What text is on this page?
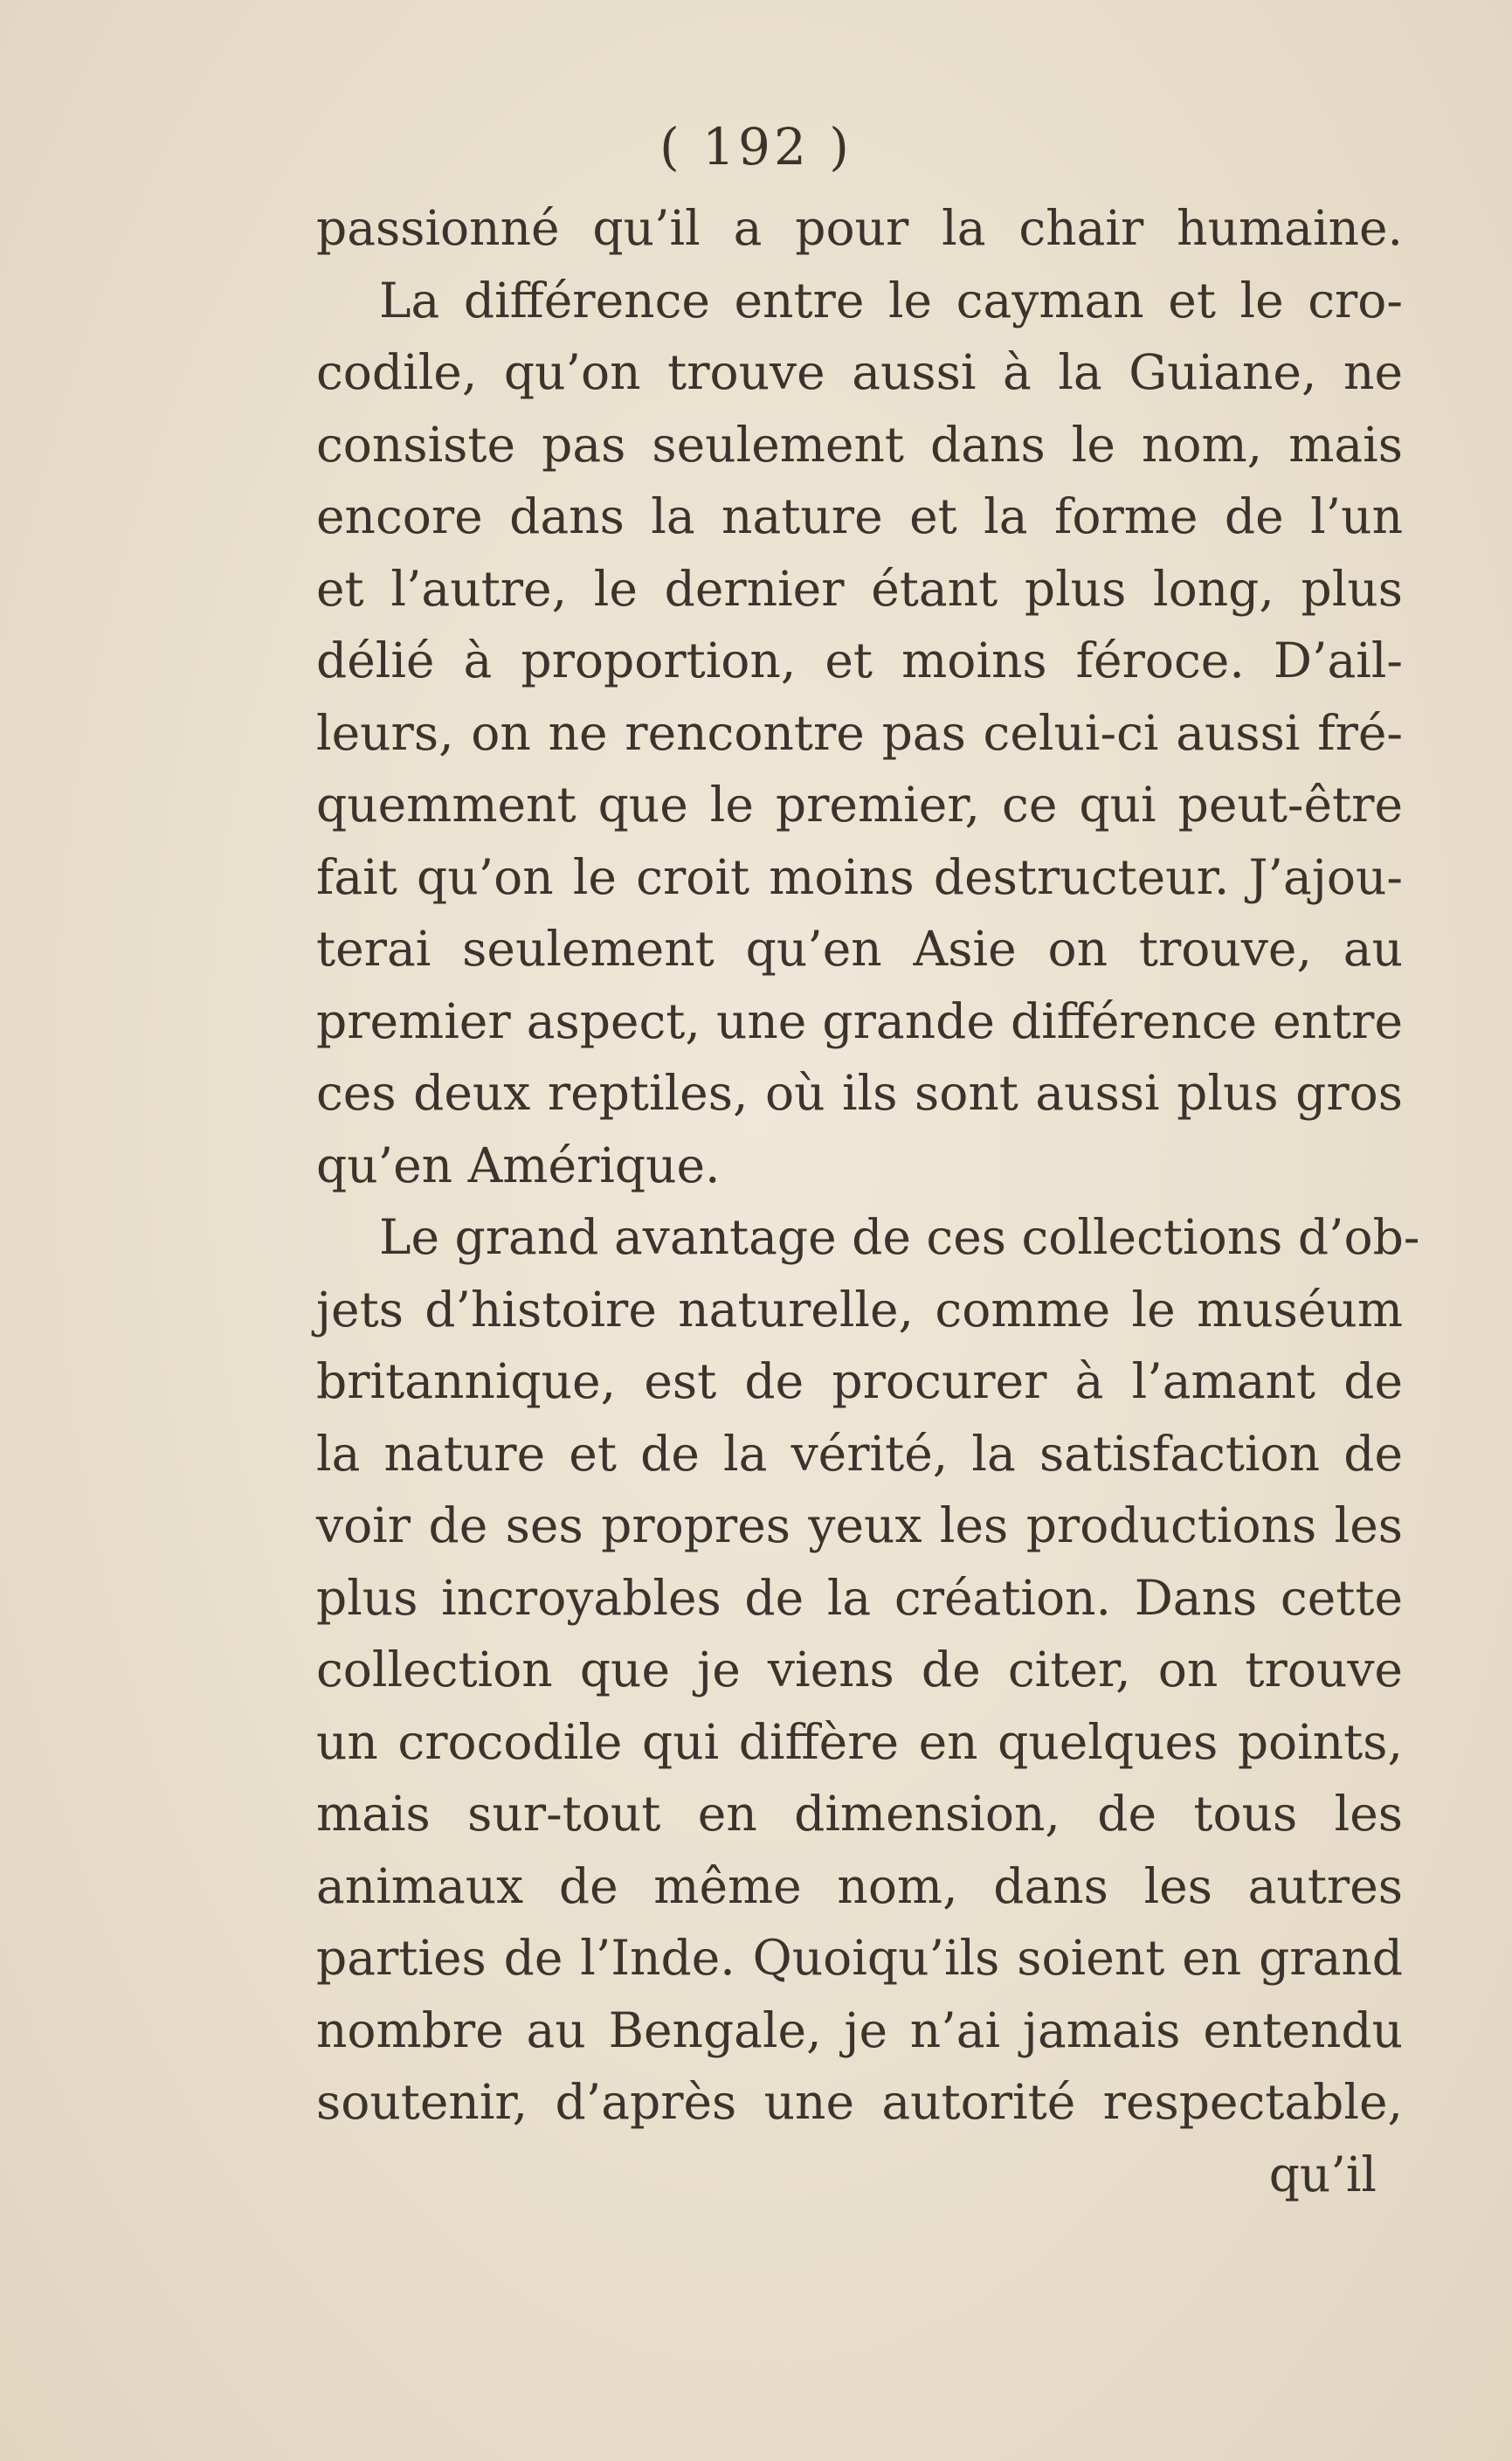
( 192 )
passionné qu’il a pour la chair humaine.
La différence entre le cayman et le cro-
codile, qu’on trouve aussi à la Guiane, ne
consiste pas seulement dans le nom, mais
encore dans la nature et la forme de l’un
et l’autre, le dernier étant plus long, plus
délié à proportion, et moins féroce. D’ail-
leurs, on ne rencontre pas celui-ci aussi fré-
quemment que le premier, ce qui peut-être
fait qu’on le croit moins destructeur. J’ajou-
terai seulement qu’en Asie on trouve, au
premier aspect, une grande différence entre
ces deux reptiles, où ils sont aussi plus gros
qu’en Amérique.
Le grand avantage de ces collections d’ob-
jets d’histoire naturelle, comme le muséum
britannique, est de procurer à l’amant de
la nature et de la vérité, la satisfaction de
voir de ses propres yeux les productions les
plus incroyables de la création. Dans cette
collection que je viens de citer, on trouve
un crocodile qui diffère en quelques points,
mais sur-tout en dimension, de tous les
animaux de même nom, dans les autres
parties de l’Inde. Quoiqu’ils soient en grand
nombre au Bengale, je n’ai jamais entendu
soutenir, d’après une autorité respectable,
qu’il
